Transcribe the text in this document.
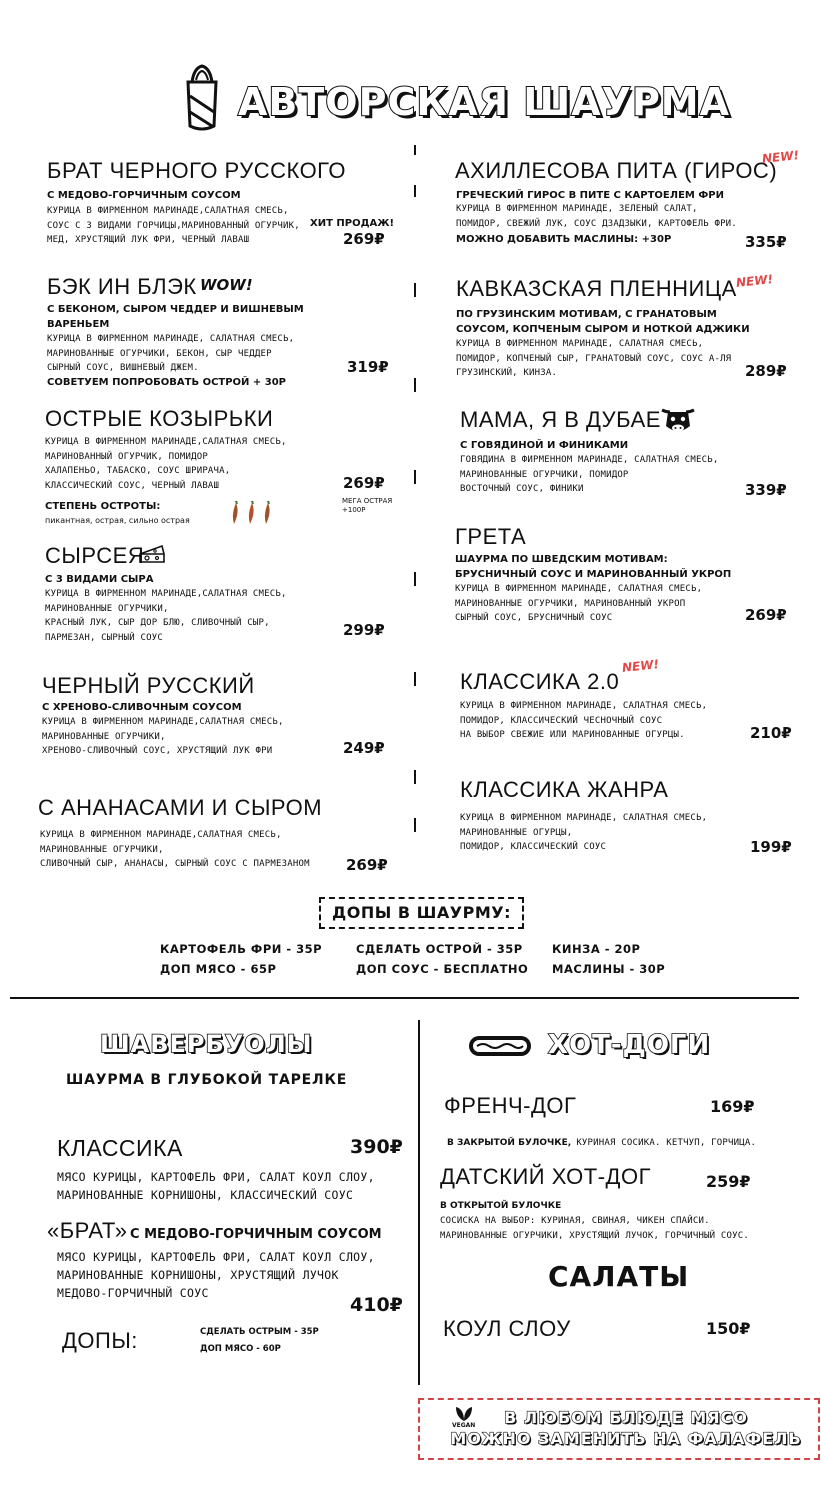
АВТОРСКАЯ ШАУРМА
БРАТ ЧЕРНОГО РУССКОГО
С МЕДОВО-ГОРЧИЧНЫМ СОУСОМ
КУРИЦА В ФИРМЕННОМ МАРИНАДЕ,САЛАТНАЯ СМЕСЬ,
СОУС С 3 ВИДАМИ ГОРЧИЦЫ,МАРИНОВАННЫЙ ОГУРЧИК,
МЕД, ХРУСТЯЩИЙ ЛУК ФРИ, ЧЕРНЫЙ ЛАВАШ
ХИТ ПРОДАЖ!
269₽
БЭК ИН БЛЭК WOW!
С БЕКОНОМ, СЫРОМ ЧЕДДЕР И ВИШНЕВЫМ
ВАРЕНЬЕМ
КУРИЦА В ФИРМЕННОМ МАРИНАДЕ, САЛАТНАЯ СМЕСЬ,
МАРИНОВАННЫЕ ОГУРЧИКИ, БЕКОН, СЫР ЧЕДДЕР
СЫРНЫЙ СОУС, ВИШНЕВЫЙ ДЖЕМ.
СОВЕТУЕМ ПОПРОБОВАТЬ ОСТРОЙ + 30Р
319₽
ОСТРЫЕ КОЗЫРЬКИ
КУРИЦА В ФИРМЕННОМ МАРИНАДЕ,САЛАТНАЯ СМЕСЬ,
МАРИНОВАННЫЙ ОГУРЧИК, ПОМИДОР
ХАЛАПЕНЬО, ТАБАСКО, СОУС ШРИРАЧА,
КЛАССИЧЕСКИЙ СОУС, ЧЕРНЫЙ ЛАВАШ
СТЕПЕНЬ ОСТРОТЫ:
пикантная, острая, сильно острая
269₽
МЕГА ОСТРАЯ
+100Р
СЫРСЕЯ
С 3 ВИДАМИ СЫРА
КУРИЦА В ФИРМЕННОМ МАРИНАДЕ,САЛАТНАЯ СМЕСЬ,
МАРИНОВАННЫЕ ОГУРЧИКИ,
КРАСНЫЙ ЛУК, СЫР ДОР БЛЮ, СЛИВОЧНЫЙ СЫР,
ПАРМЕЗАН, СЫРНЫЙ СОУС	299₽
ЧЕРНЫЙ РУССКИЙ
С ХРЕНОВО-СЛИВОЧНЫМ СОУСОМ
КУРИЦА В ФИРМЕННОМ МАРИНАДЕ,САЛАТНАЯ СМЕСЬ,
МАРИНОВАННЫЕ ОГУРЧИКИ,
ХРЕНОВО-СЛИВОЧНЫЙ СОУС, ХРУСТЯЩИЙ ЛУК ФРИ	249₽
С АНАНАСАМИ И СЫРОМ
КУРИЦА В ФИРМЕННОМ МАРИНАДЕ,САЛАТНАЯ СМЕСЬ,
МАРИНОВАННЫЕ ОГУРЧИКИ,
СЛИВОЧНЫЙ СЫР, АНАНАСЫ, СЫРНЫЙ СОУС С ПАРМЕЗАНОМ 269₽
АХИЛЛЕСОВА ПИТА (ГИРОС)
NEW!
ГРЕЧЕСКИЙ ГИРОС В ПИТЕ С КАРТОЕЛЕМ ФРИ
КУРИЦА В ФИРМЕННОМ МАРИНАДЕ, ЗЕЛЕНЫЙ САЛАТ,
ПОМИДОР, СВЕЖИЙ ЛУК, СОУС ДЗАДЗЫКИ, КАРТОФЕЛЬ ФРИ.
МОЖНО ДОБАВИТЬ МАСЛИНЫ: +30Р	335₽
КАВКАЗСКАЯ ПЛЕННИЦА
NEW!
ПО ГРУЗИНСКИМ МОТИВАМ, С ГРАНАТОВЫМ
СОУСОМ, КОПЧЕНЫМ СЫРОМ И НОТКОЙ АДЖИКИ
КУРИЦА В ФИРМЕННОМ МАРИНАДЕ, САЛАТНАЯ СМЕСЬ,
ПОМИДОР, КОПЧЕНЫЙ СЫР, ГРАНАТОВЫЙ СОУС, СОУС А-ЛЯ
ГРУЗИНСКИЙ, КИНЗА.	289₽
МАМА, Я В ДУБАЕ
С ГОВЯДИНОЙ И ФИНИКАМИ
ГОВЯДИНА В ФИРМЕННОМ МАРИНАДЕ, САЛАТНАЯ СМЕСЬ,
МАРИНОВАННЫЕ ОГУРЧИКИ, ПОМИДОР
ВОСТОЧНЫЙ СОУС, ФИНИКИ	339₽
ГРЕТА
ШАУРМА ПО ШВЕДСКИМ МОТИВАМ:
БРУСНИЧНЫЙ СОУС И МАРИНОВАННЫЙ УКРОП
КУРИЦА В ФИРМЕННОМ МАРИНАДЕ, САЛАТНАЯ СМЕСЬ,
МАРИНОВАННЫЕ ОГУРЧИКИ, МАРИНОВАННЫЙ УКРОП
СЫРНЫЙ СОУС, БРУСНИЧНЫЙ СОУС	269₽
КЛАССИКА 2.0
NEW!
КУРИЦА В ФИРМЕННОМ МАРИНАДЕ, САЛАТНАЯ СМЕСЬ,
ПОМИДОР, КЛАССИЧЕСКИЙ ЧЕСНОЧНЫЙ СОУС
НА ВЫБОР СВЕЖИЕ ИЛИ МАРИНОВАННЫЕ ОГУРЦЫ.	210₽
КЛАССИКА ЖАНРА
КУРИЦА В ФИРМЕННОМ МАРИНАДЕ, САЛАТНАЯ СМЕСЬ,
МАРИНОВАННЫЕ ОГУРЦЫ,
ПОМИДОР, КЛАССИЧЕСКИЙ СОУС	199₽
ДОПЫ В ШАУРМУ:
КАРТОФЕЛЬ ФРИ - 35Р	СДЕЛАТЬ ОСТРОЙ - 35Р	КИНЗА - 20Р
ДОП МЯСО - 65Р	ДОП СОУС - БЕСПЛАТНО МАСЛИНЫ - 30Р
ШАВЕРБУОЛЫ
ШАУРМА В ГЛУБОКОЙ ТАРЕЛКЕ
КЛАССИКА	390₽
МЯСО КУРИЦЫ, КАРТОФЕЛЬ ФРИ, САЛАТ КОУЛ СЛОУ,
МАРИНОВАННЫЕ КОРНИШОНЫ, КЛАССИЧЕСКИЙ СОУС
«БРАТ» С МЕДОВО-ГОРЧИЧНЫМ СОУСОМ
МЯСО КУРИЦЫ, КАРТОФЕЛЬ ФРИ, САЛАТ КОУЛ СЛОУ,
МАРИНОВАННЫЕ КОРНИШОНЫ, ХРУСТЯЩИЙ ЛУЧОК
МЕДОВО-ГОРЧИЧНЫЙ СОУС
410₽
ДОПЫ:	СДЕЛАТЬ ОСТРЫМ - 35Р
ДОП МЯСО - 60Р
ХОТ-ДОГИ
ФРЕНЧ-ДОГ	169₽
В ЗАКРЫТОЙ БУЛОЧКЕ, КУРИНАЯ СОСИКА. КЕТЧУП, ГОРЧИЦА.
ДАТСКИЙ ХОТ-ДОГ	259₽
В ОТКРЫТОЙ БУЛОЧКЕ
СОСИСКА НА ВЫБОР: КУРИНАЯ, СВИНАЯ, ЧИКЕН СПАЙСИ.
МАРИНОВАННЫЕ ОГУРЧИКИ, ХРУСТЯЩИЙ ЛУЧОК, ГОРЧИЧНЫЙ СОУС.
САЛАТЫ
КОУЛ СЛОУ	150₽
VEGAN	В ЛЮБОМ БЛЮДЕ МЯСО
МОЖНО ЗАМЕНИТЬ НА ФАЛАФЕЛЬ
